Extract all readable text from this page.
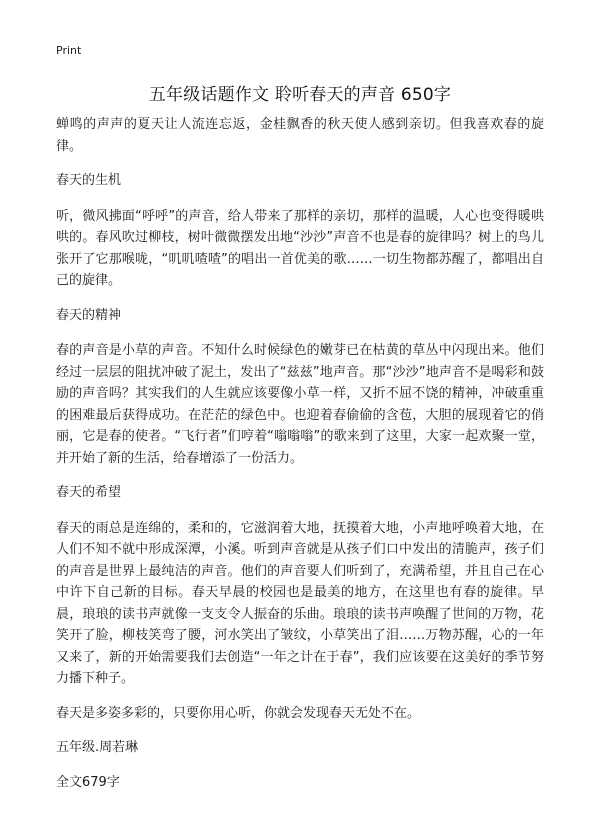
Print
五年级话题作文 聆听春天的声音 650字

蝉鸣的声声的夏天让人流连忘返，金桂飘香的秋天使人感到亲切。但我喜欢春的旋律。

春天的生机

听，微风拂面“呼呼”的声音，给人带来了那样的亲切，那样的温暖，人心也变得暖哄哄的。春风吹过柳枝，树叶微微摆发出地“沙沙”声音不也是春的旋律吗？树上的鸟儿张开了它那喉咙，“叽叽喳喳”的唱出一首优美的歌……一切生物都苏醒了，都唱出自己的旋律。

春天的精神

春的声音是小草的声音。不知什么时候绿色的嫩芽已在枯黄的草丛中闪现出来。他们经过一层层的阻扰冲破了泥土，发出了“兹兹”地声音。那“沙沙”地声音不是喝彩和鼓励的声音吗？其实我们的人生就应该要像小草一样，又折不屈不饶的精神，冲破重重的困难最后获得成功。在茫茫的绿色中。也迎着春偷偷的含苞，大胆的展现着它的俏丽，它是春的使者。“飞行者”们哼着“嗡嗡嗡”的歌来到了这里，大家一起欢聚一堂，并开始了新的生活，给春增添了一份活力。

春天的希望

春天的雨总是连绵的，柔和的，它滋润着大地，抚摸着大地，小声地呼唤着大地，在人们不知不就中形成深潭，小溪。听到声音就是从孩子们口中发出的清脆声，孩子们的声音是世界上最纯洁的声音。他们的声音要人们听到了，充满希望，并且自己在心中许下自己新的目标。春天早晨的校园也是最美的地方，在这里也有春的旋律。早晨，琅琅的读书声就像一支支令人振奋的乐曲。琅琅的读书声唤醒了世间的万物，花笑开了脸，柳枝笑弯了腰，河水笑出了皱纹，小草笑出了泪……万物苏醒，心的一年又来了，新的开始需要我们去创造“一年之计在于春”，我们应该要在这美好的季节努力播下种子。

春天是多姿多彩的，只要你用心听，你就会发现春天无处不在。

五年级.周若琳

全文679字
